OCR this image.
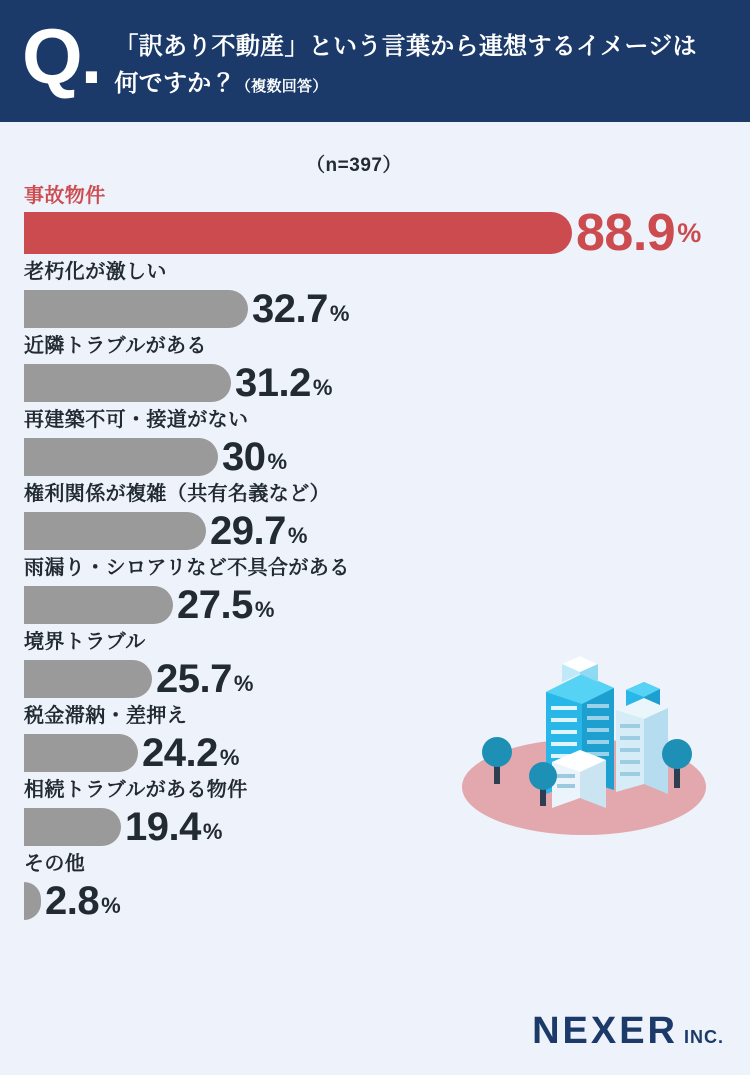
Q. 「訳あり不動産」という言葉から連想するイメージは
何ですか？（複数回答）
（n=397）
事故物件
88.9 %
老朽化が激しい
32.7 %
近隣トラブルがある
31.2 %
再建築不可・接道がない
30 %
権利関係が複雑（共有名義など）
29.7 %
雨漏り・シロアリなど不具合がある
27.5 %
境界トラブル
25.7 %
税金滞納・差押え
24.2 %
相続トラブルがある物件
19.4 %
その他
2.8 %
NEXER INC.
